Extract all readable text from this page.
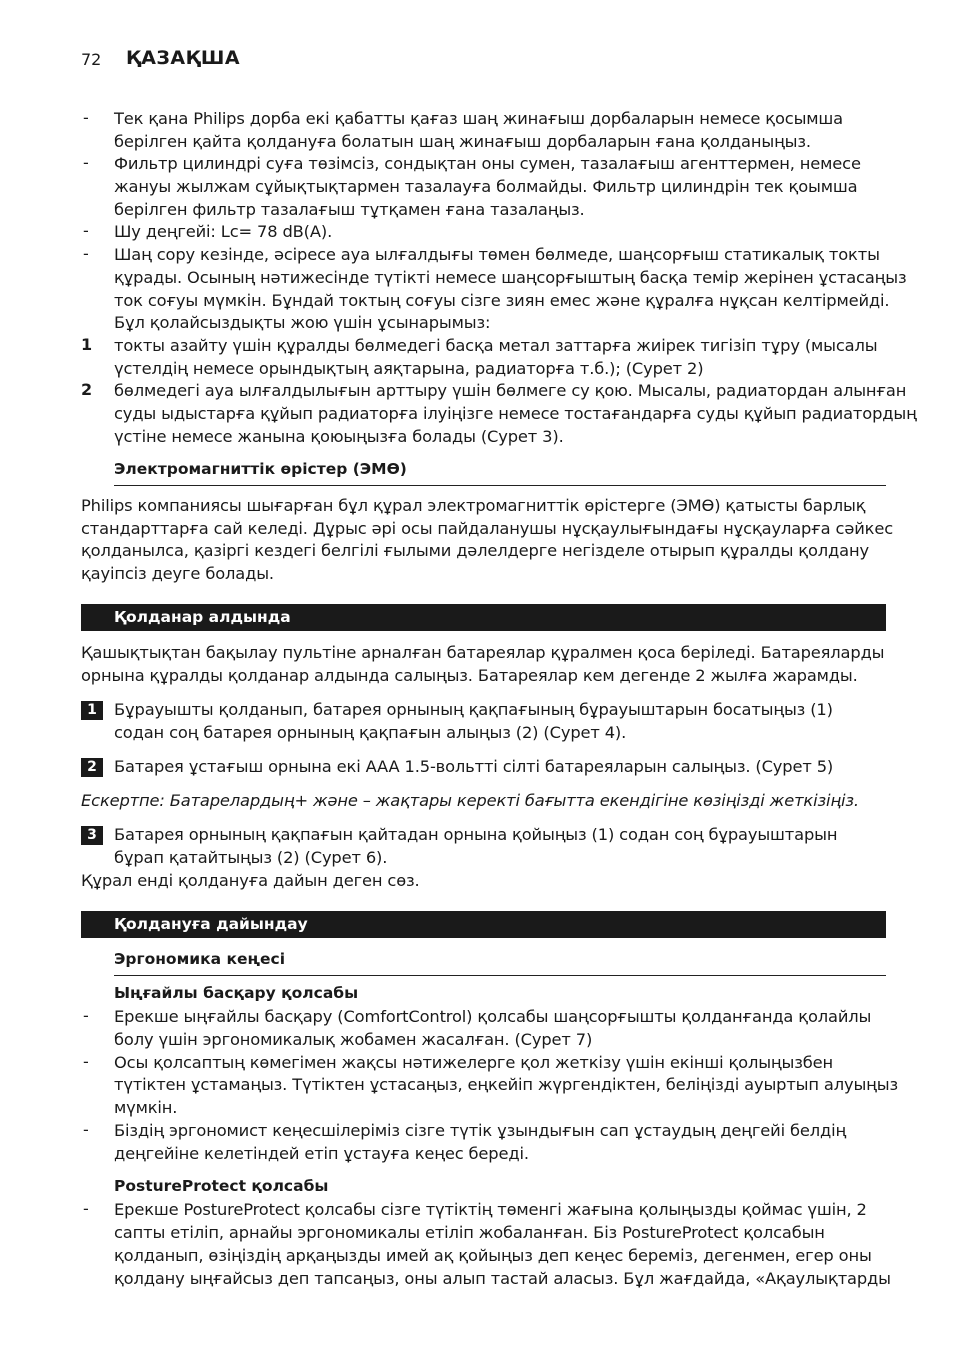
72 ҚАЗАҚША
- Тек қана Philips дорба екі қабатты қағаз шаң жинағыш дорбаларын немесе қосымша
берілген қайта қолдануға болатын шаң жинағыш дорбаларын ғана қолданыңыз.
- Фильтр цилиндрі суға төзімсіз, сондықтан оны сумен, тазалағыш агенттермен, немесе
жануы жылжам сұйықтықтармен тазалауға болмайды. Фильтр цилиндрін тек қоымша
берілген фильтр тазалағыш тұтқамен ғана тазалаңыз.
- Шу деңгейі: Lc= 78 dB(A).
- Шаң сору кезінде, әсіресе ауа ылғалдығы төмен бөлмеде, шаңсорғыш статикалық токты
құрады. Осының нәтижесінде түтікті немесе шаңсорғыштың басқа темір жерінен ұстасаңыз
ток соғуы мүмкін. Бұндай токтың соғуы сізге зиян емес және құралға нұқсан келтірмейді.
Бұл қолайсыздықты жою үшін ұсынарымыз:
1 токты азайту үшін құралды бөлмедегі басқа метал заттарға жиірек тигізіп тұру (мысалы
үстелдің немесе орындықтың аяқтарына, радиаторға т.б.); (Сурет 2)
2 бөлмедегі ауа ылғалдылығын арттыру үшін бөлмеге су қою. Мысалы, радиатордан алынған
суды ыдыстарға құйып радиаторға ілуіңізге немесе тостағандарға суды құйып радиатордың
үстіне немесе жанына қоюыңызға болады (Сурет 3).
Электромагниттік өрістер (ЭМӨ)
Philips компаниясы шығарған бұл құрал электромагниттік өрістерге (ЭМӨ) қатысты барлық
стандарттарға сай келеді. Дұрыс әрі осы пайдаланушы нұсқаулығындағы нұсқауларға сәйкес
қолданылса, қазіргі кездегі белгілі ғылыми дәлелдерге негізделе отырып құралды қолдану
қауіпсіз деуге болады.
Қолданар алдында
Қашықтықтан бақылау пультіне арналған батареялар құралмен қоса беріледі. Батареяларды
орнына құралды қолданар алдында салыңыз. Батареялар кем дегенде 2 жылға жарамды.
1	Бұрауышты қолданып, батарея орнының қақпағының бұрауыштарын босатыңыз (1)
содан соң батарея орнының қақпағын алыңыз (2) (Сурет 4).
2	Батарея ұстағыш орнына екі AAA 1.5-вольтті сілті батареяларын салыңыз. (Сурет 5)
Ескертпе: Батарелардың+ және – жақтары керекті бағытта екендігіне көзіңізді жеткізіңіз.
3	Батарея орнының қақпағын қайтадан орнына қойыңыз (1) содан соң бұрауыштарын
бұрап қатайтыңыз (2) (Сурет 6).
Құрал енді қолдануға дайын деген сөз.
Қолдануға дайындау
Эргономика кеңесі
Ыңғайлы басқару қолсабы
- Ерекше ыңғайлы басқару (ComfortControl) қолсабы шаңсорғышты қолданғанда қолайлы
болу үшін эргономикалық жобамен жасалған. (Сурет 7)
- Осы қолсаптың көмегімен жақсы нәтижелерге қол жеткізу үшін екінші қолыңызбен
түтіктен ұстамаңыз. Түтіктен ұстасаңыз, еңкейіп жүргендіктен, беліңізді ауыртып алуыңыз
мүмкін.
- Біздің эргономист кеңесшілеріміз сізге түтік ұзындығын сап ұстаудың деңгейі белдің
деңгейіне келетіндей етіп ұстауға кеңес береді.
PostureProtect қолсабы
- Ерекше PostureProtect қолсабы сізге түтіктің төменгі жағына қолыңызды қоймас үшін, 2
сапты етіліп, арнайы эргономикалы етіліп жобаланған. Біз PostureProtect қолсабын
қолданып, өзіңіздің арқаңызды имей ақ қойыңыз деп кеңес береміз, дегенмен, егер оны
қолдану ыңғайсыз деп тапсаңыз, оны алып тастай аласыз. Бұл жағдайда, «Ақаулықтарды
